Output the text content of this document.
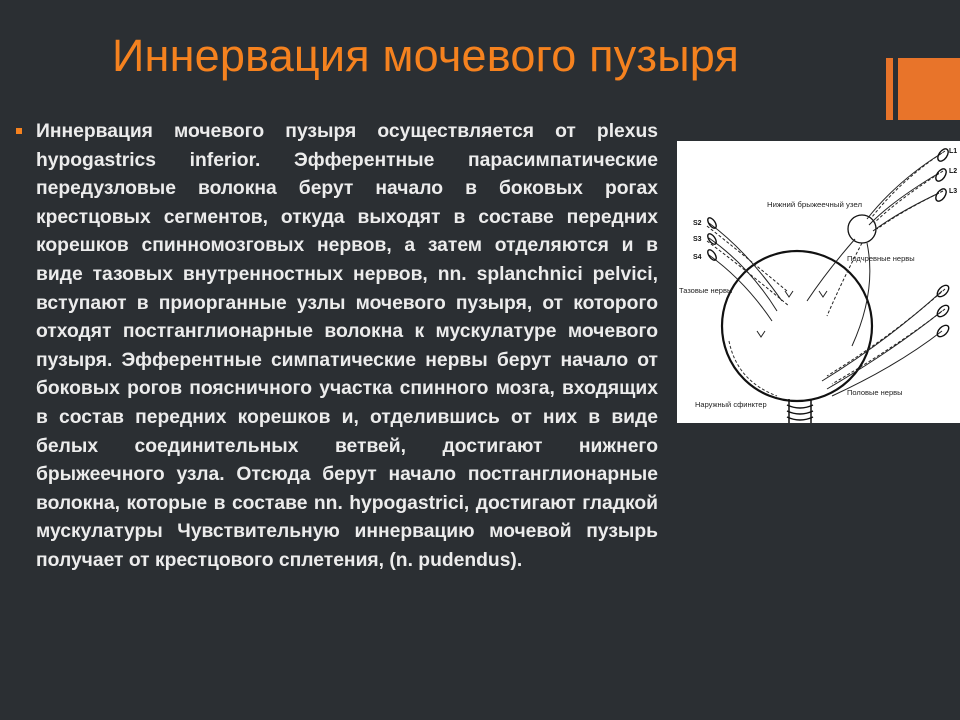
Иннервация мочевого пузыря

Иннервация мочевого пузыря осуществляется от plexus hypogastrics inferior. Эфферентные парасимпатические передузловые волокна берут начало в боковых рогах крестцовых сегментов, откуда выходят в составе передних корешков спинномозговых нервов, а затем отделяются и в виде тазовых внутренностных нервов, nn. splanchnici pelvici, вступают в приорганные узлы мочевого пузыря, от которого отходят постганглионарные волокна к мускулатуре мочевого пузыря. Эфферентные симпатические нервы берут начало от боковых рогов поясничного участка спинного мозга, входящих в состав передних корешков и, отделившись от них в виде белых соединительных ветвей, достигают нижнего брыжеечного узла. Отсюда берут начало постганглионарные волокна, которые в составе nn. hypogastrici, достигают гладкой мускулатуры Чувствительную иннервацию мочевой пузырь получает от крестцового сплетения, (n. pudendus).

L1
L2
L3
S2
S3
S4
Нижний брыжеечный узел
Подчревные нервы
Тазовые нервы
Наружный сфинктер
Половые нервы
